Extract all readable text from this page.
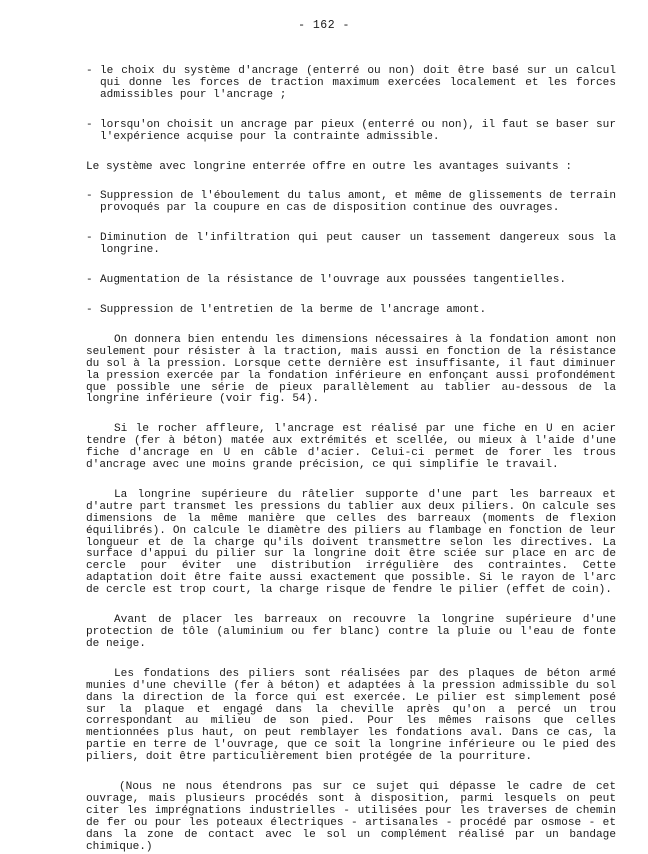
- 162 -
- le choix du système d'ancrage (enterré ou non) doit être basé sur un calcul qui donne les forces de traction maximum exercées localement et les forces admissibles pour l'ancrage ;
- lorsqu'on choisit un ancrage par pieux (enterré ou non), il faut se baser sur l'expérience acquise pour la contrainte admissible.
Le système avec longrine enterrée offre en outre les avantages suivants :
- Suppression de l'éboulement du talus amont, et même de glissements de terrain provoqués par la coupure en cas de disposition continue des ouvrages.
- Diminution de l'infiltration qui peut causer un tassement dangereux sous la longrine.
- Augmentation de la résistance de l'ouvrage aux poussées tangentielles.
- Suppression de l'entretien de la berme de l'ancrage amont.

On donnera bien entendu les dimensions nécessaires à la fondation amont non seulement pour résister à la traction, mais aussi en fonction de la résistance du sol à la pression. Lorsque cette dernière est insuffisante, il faut diminuer la pression exercée par la fondation inférieure en enfonçant aussi profondément que possible une série de pieux parallèlement au tablier au-dessous de la longrine inférieure (voir fig. 54).

Si le rocher affleure, l'ancrage est réalisé par une fiche en U en acier tendre (fer à béton) matée aux extrémités et scellée, ou mieux à l'aide d'une fiche d'ancrage en U en câble d'acier. Celui-ci permet de forer les trous d'ancrage avec une moins grande précision, ce qui simplifie le travail.

La longrine supérieure du râtelier supporte d'une part les barreaux et d'autre part transmet les pressions du tablier aux deux piliers. On calcule ses dimensions de la même manière que celles des barreaux (moments de flexion équilibrés). On calcule le diamètre des piliers au flambage en fonction de leur longueur et de la charge qu'ils doivent transmettre selon les directives. La surface d'appui du pilier sur la longrine doit être sciée sur place en arc de cercle pour éviter une distribution irrégulière des contraintes. Cette adaptation doit être faite aussi exactement que possible. Si le rayon de l'arc de cercle est trop court, la charge risque de fendre le pilier (effet de coin).

Avant de placer les barreaux on recouvre la longrine supérieure d'une protection de tôle (aluminium ou fer blanc) contre la pluie ou l'eau de fonte de neige.

Les fondations des piliers sont réalisées par des plaques de béton armé munies d'une cheville (fer à béton) et adaptées à la pression admissible du sol dans la direction de la force qui est exercée. Le pilier est simplement posé sur la plaque et engagé dans la cheville après qu'on a percé un trou correspondant au milieu de son pied. Pour les mêmes raisons que celles mentionnées plus haut, on peut remblayer les fondations aval. Dans ce cas, la partie en terre de l'ouvrage, que ce soit la longrine inférieure ou le pied des piliers, doit être particulièrement bien protégée de la pourriture.

(Nous ne nous étendrons pas sur ce sujet qui dépasse le cadre de cet ouvrage, mais plusieurs procédés sont à disposition, parmi lesquels on peut citer les imprégnations industrielles - utilisées pour les traverses de chemin de fer ou pour les poteaux électriques - artisanales - procédé par osmose - et dans la zone de contact avec le sol un complément réalisé par un bandage chimique.)
